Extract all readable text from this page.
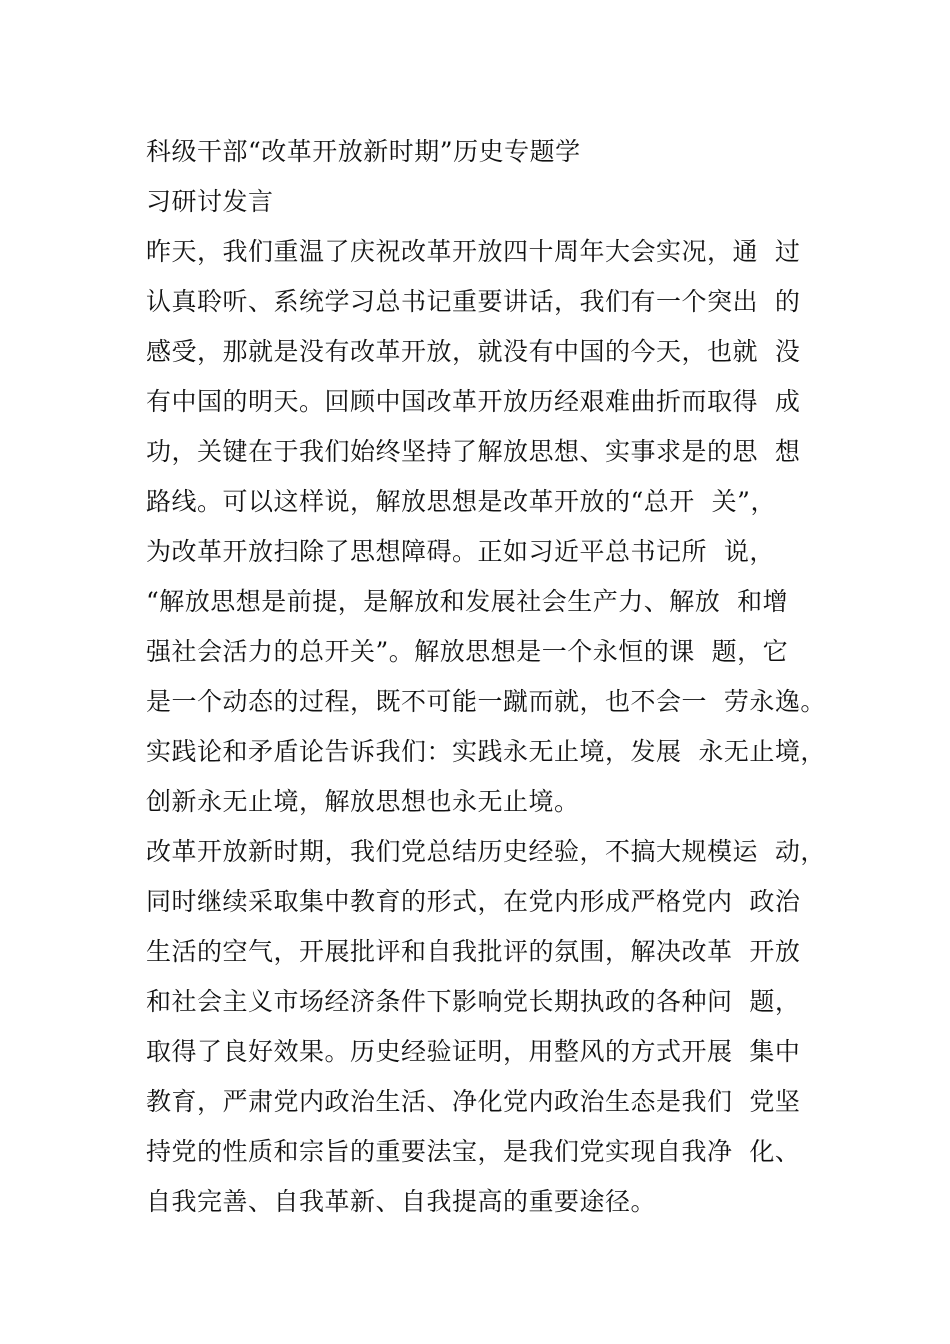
科级干部“改革开放新时期”历史专题学
习研讨发言
昨天，我们重温了庆祝改革开放四十周年大会实况，通  过
认真聆听、系统学习总书记重要讲话，我们有一个突出  的
感受，那就是没有改革开放，就没有中国的今天，也就  没
有中国的明天。回顾中国改革开放历经艰难曲折而取得  成
功，关键在于我们始终坚持了解放思想、实事求是的思  想
路线。可以这样说，解放思想是改革开放的“总开  关”，
为改革开放扫除了思想障碍。正如习近平总书记所  说，
“解放思想是前提，是解放和发展社会生产力、解放  和增
强社会活力的总开关”。解放思想是一个永恒的课  题，它
是一个动态的过程，既不可能一蹴而就，也不会一  劳永逸。
实践论和矛盾论告诉我们：实践永无止境，发展  永无止境，
创新永无止境，解放思想也永无止境。
改革开放新时期，我们党总结历史经验，不搞大规模运  动，
同时继续采取集中教育的形式，在党内形成严格党内  政治
生活的空气，开展批评和自我批评的氛围，解决改革  开放
和社会主义市场经济条件下影响党长期执政的各种问  题，
取得了良好效果。历史经验证明，用整风的方式开展  集中
教育，严肃党内政治生活、净化党内政治生态是我们  党坚
持党的性质和宗旨的重要法宝，是我们党实现自我净  化、
自我完善、自我革新、自我提高的重要途径。
